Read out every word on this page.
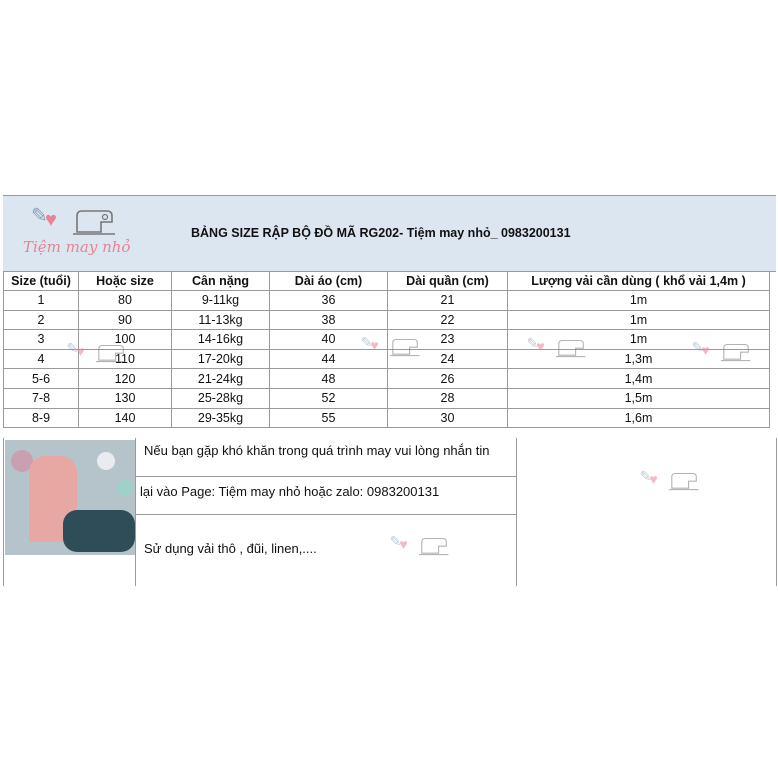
✎
♥
Tiệm may nhỏ
BẢNG SIZE RẬP BỘ ĐỒ MÃ RG202- Tiệm may nhỏ_ 0983200131
Size (tuổi)	Hoặc size	Cân nặng	Dài áo (cm)	Dài quần (cm)	Lượng vải cần dùng ( khổ vải 1,4m )
1	80	9-11kg	36	21	1m
2	90	11-13kg	38	22	1m
3	100	14-16kg	40	23	1m
4	110	17-20kg	44	24	1,3m
5-6	120	21-24kg	48	26	1,4m
7-8	130	25-28kg	52	28	1,5m
8-9	140	29-35kg	55	30	1,6m
✎
♥
✎
♥	✎
♥	✎
♥
Nếu bạn gặp khó khăn trong quá trình may vui lòng nhắn tin
lại vào Page: Tiệm may nhỏ hoặc zalo: 0983200131
Sử dụng vải thô , đũi, linen,....
✎
♥
✎
♥
